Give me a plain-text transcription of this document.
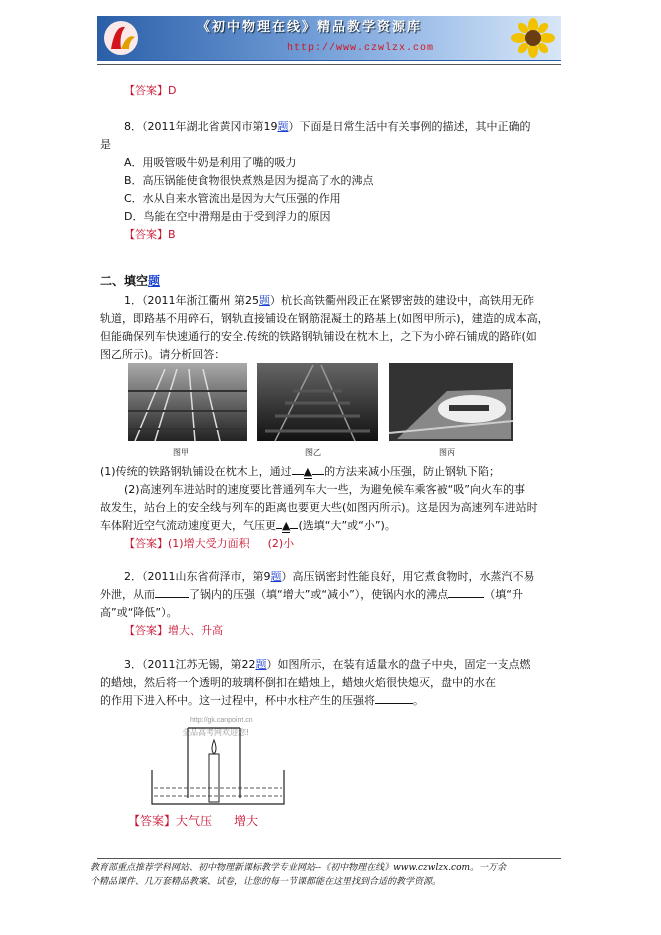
《初中物理在线》精品教学资源库
http://www.czwlzx.com
【答案】D
8．（2011年湖北省黄冈市第19题）下面是日常生活中有关事例的描述，其中正确的
是
A．用吸管吸牛奶是利用了嘴的吸力
B．高压锅能使食物很快煮熟是因为提高了水的沸点
C．水从自来水管流出是因为大气压强的作用
D．鸟能在空中滑翔是由于受到浮力的原因
【答案】B
二、填空题
1．（2011年浙江衢州 第25题）杭长高铁衢州段正在紧锣密鼓的建设中，高铁用无砟
轨道，即路基不用碎石，钢轨直接铺设在钢筋混凝土的路基上(如图甲所示)，建造的成本高，
但能确保列车快速通行的安全.传统的铁路钢轨铺设在枕木上，之下为小碎石铺成的路砟(如
图乙所示)。请分析回答：
图甲	图乙	图丙
(1)传统的铁路钢轨铺设在枕木上，通过 ▲ 的方法来减小压强，防止钢轨下陷；
(2)高速列车进站时的速度要比普通列车大一些，为避免候车乘客被“吸”向火车的事
故发生，站台上的安全线与列车的距离也要更大些(如图丙所示)。这是因为高速列车进站时
车体附近空气流动速度更大，气压更 ▲ (选填“大”或“小”)。
【答案】(1)增大受力面积 (2)小
2．（2011山东省荷泽市，第9题）高压锅密封性能良好，用它煮食物时，水蒸汽不易
外泄，从而	了锅内的压强（填“增大”或“减小”），使锅内水的沸点	（填“升
高”或“降低”）。
【答案】增大、升高
3．（2011江苏无锡，第22题）如图所示，在装有适量水的盘子中央，固定一支点燃
的蜡烛，然后将一个透明的玻璃杯倒扣在蜡烛上，蜡烛火焰很快熄灭，盘中的水在
的作用下进入杯中。这一过程中，杯中水柱产生的压强将	。
http://gk.canpoint.cn
全品高考网欢迎您!
【答案】大气压 增大
教育部重点推荐学科网站、初中物理新课标教学专业网站--《初中物理在线》www.czwlzx.com。一万余
个精品课件、几万套精品教案、试卷，让您的每一节课都能在这里找到合适的教学资源。
